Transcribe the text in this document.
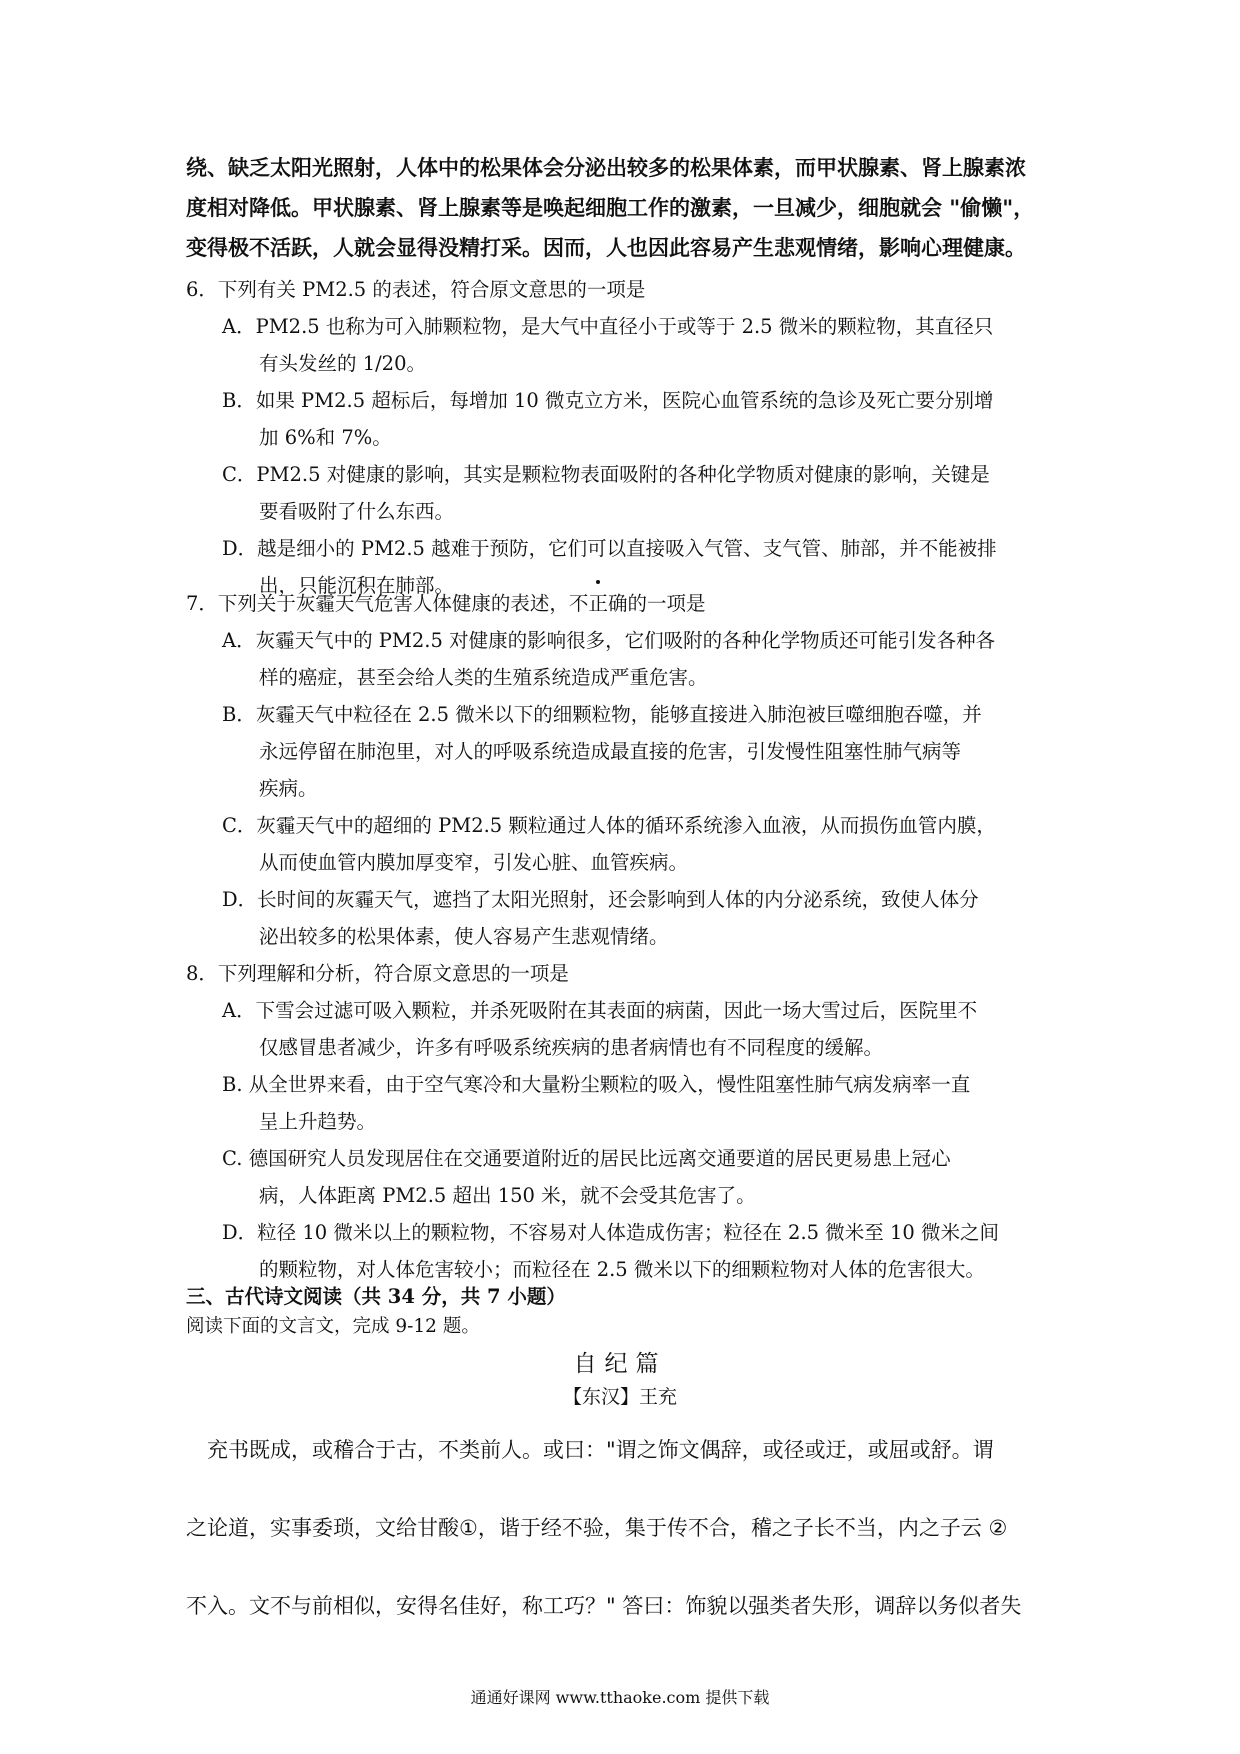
绕、缺乏太阳光照射，人体中的松果体会分泌出较多的松果体素，而甲状腺素、肾上腺素浓
度相对降低。甲状腺素、肾上腺素等是唤起细胞工作的激素，一旦减少，细胞就会 "偷懒"，
变得极不活跃，人就会显得没精打采。因而，人也因此容易产生悲观情绪，影响心理健康。
6．下列有关 PM2.5 的表述，符合原文意思的一项是
A．PM2.5 也称为可入肺颗粒物，是大气中直径小于或等于 2.5 微米的颗粒物，其直径只
有头发丝的 1/20。
B．如果 PM2.5 超标后，每增加 10 微克立方米，医院心血管系统的急诊及死亡要分别增
加 6%和 7%。
C．PM2.5 对健康的影响，其实是颗粒物表面吸附的各种化学物质对健康的影响，关键是
要看吸附了什么东西。
D．越是细小的 PM2.5 越难于预防，它们可以直接吸入气管、支气管、肺部，并不能被排
出，只能沉积在肺部。
7．下列关于灰霾天气危害人体健康的表述，不正确的一项是
A．灰霾天气中的 PM2.5 对健康的影响很多，它们吸附的各种化学物质还可能引发各种各
样的癌症，甚至会给人类的生殖系统造成严重危害。
B．灰霾天气中粒径在 2.5 微米以下的细颗粒物，能够直接进入肺泡被巨噬细胞吞噬，并
永远停留在肺泡里，对人的呼吸系统造成最直接的危害，引发慢性阻塞性肺气病等
疾病。
C．灰霾天气中的超细的 PM2.5 颗粒通过人体的循环系统渗入血液，从而损伤血管内膜，
从而使血管内膜加厚变窄，引发心脏、血管疾病。
D．长时间的灰霾天气，遮挡了太阳光照射，还会影响到人体的内分泌系统，致使人体分
泌出较多的松果体素，使人容易产生悲观情绪。
8．下列理解和分析，符合原文意思的一项是
A．下雪会过滤可吸入颗粒，并杀死吸附在其表面的病菌，因此一场大雪过后，医院里不
仅感冒患者减少，许多有呼吸系统疾病的患者病情也有不同程度的缓解。
B. 从全世界来看，由于空气寒冷和大量粉尘颗粒的吸入，慢性阻塞性肺气病发病率一直
呈上升趋势。
C. 德国研究人员发现居住在交通要道附近的居民比远离交通要道的居民更易患上冠心
病，人体距离 PM2.5 超出 150 米，就不会受其危害了。
D．粒径 10 微米以上的颗粒物，不容易对人体造成伤害；粒径在 2.5 微米至 10 微米之间
的颗粒物，对人体危害较小；而粒径在 2.5 微米以下的细颗粒物对人体的危害很大。
三、古代诗文阅读（共 34 分，共 7 小题）
阅读下面的文言文，完成 9-12 题。
自纪篇
【东汉】王充
　充书既成，或稽合于古，不类前人。或曰："谓之饰文偶辞，或径或迂，或屈或舒。谓
之论道，实事委琐，文给甘酸①，谐于经不验，集于传不合，稽之子长不当，内之子云 ②
不入。文不与前相似，安得名佳好，称工巧？" 答曰：饰貌以强类者失形，调辞以务似者失
通通好课网 www.tthaoke.com 提供下载
